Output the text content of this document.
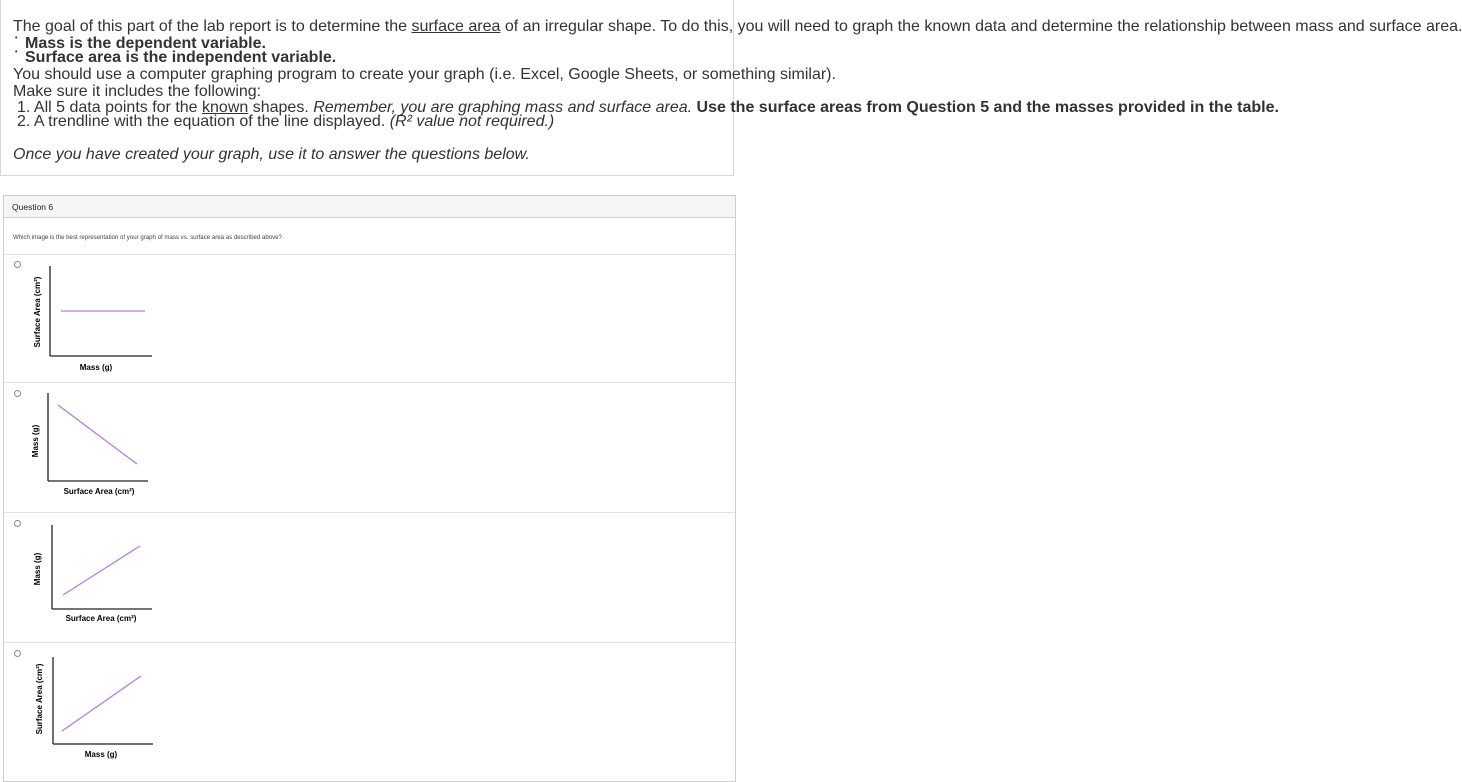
The goal of this part of the lab report is to determine the surface area of an irregular shape. To do this, you will need to graph the known data and determine the relationship between mass and surface area.
• Mass is the dependent variable.
• Surface area is the independent variable.
You should use a computer graphing program to create your graph (i.e. Excel, Google Sheets, or something similar).
Make sure it includes the following:
1. All 5 data points for the known shapes. Remember, you are graphing mass and surface area. Use the surface areas from Question 5 and the masses provided in the table.
2. A trendline with the equation of the line displayed. (R² value not required.)
Once you have created your graph, use it to answer the questions below.
Question 6
Which image is the best representation of your graph of mass vs. surface area as described above?
Surface Area (cm²)
Mass (g)
Mass (g)
Surface Area (cm²)
Mass (g)
Surface Area (cm²)
Surface Area (cm²)
Mass (g)
